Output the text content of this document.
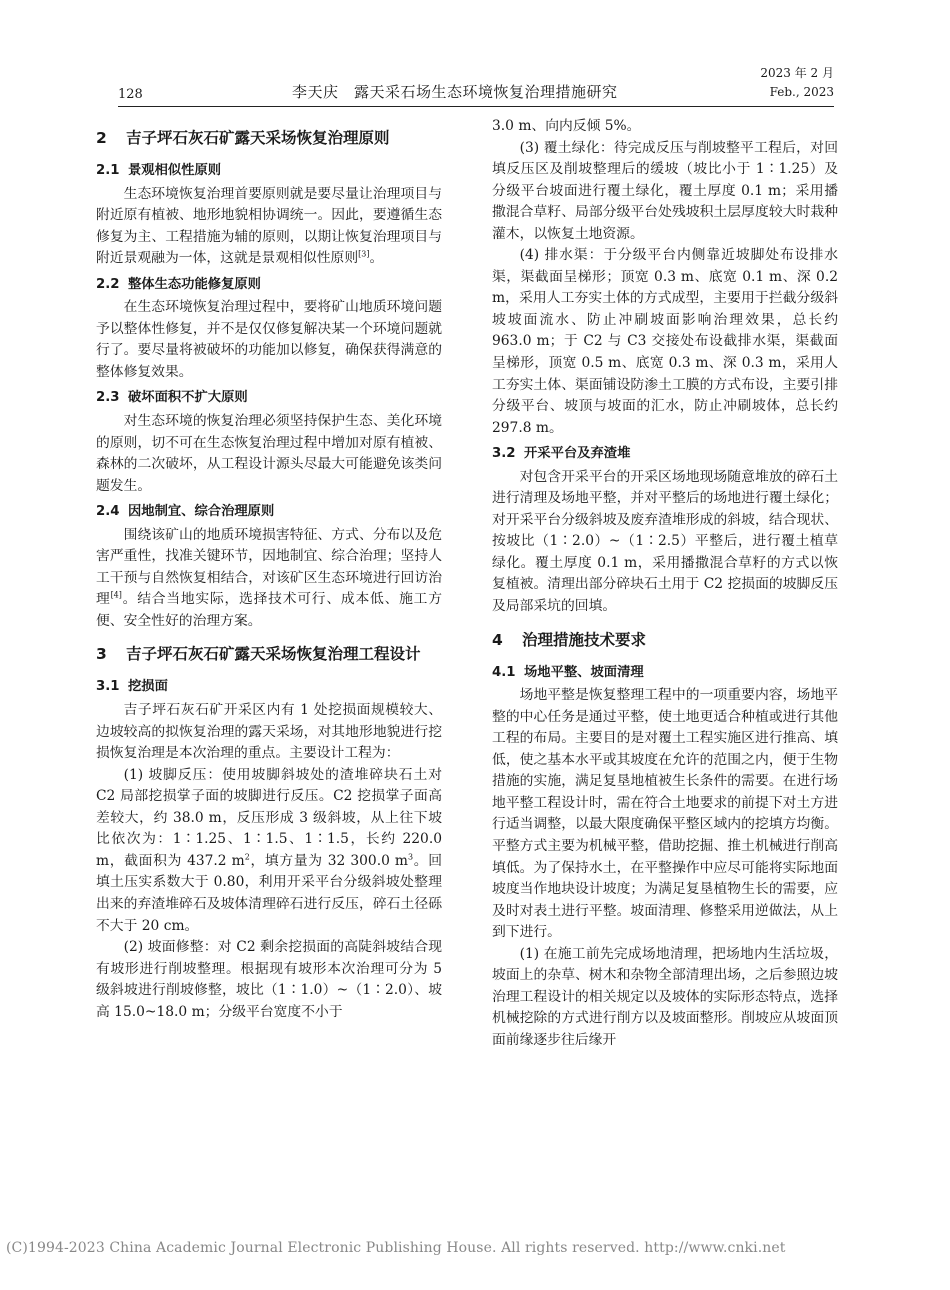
128	李天庆　露天采石场生态环境恢复治理措施研究
2023 年 2 月
Feb., 2023
2 吉子坪石灰石矿露天采场恢复治理原则
2.1 景观相似性原则

生态环境恢复治理首要原则就是要尽量让治理项目与附近原有植被、地形地貌相协调统一。因此，要遵循生态修复为主、工程措施为辅的原则，以期让恢复治理项目与附近景观融为一体，这就是景观相似性原则[3]。

2.2 整体生态功能修复原则

在生态环境恢复治理过程中，要将矿山地质环境问题予以整体性修复，并不是仅仅修复解决某一个环境问题就行了。要尽量将被破坏的功能加以修复，确保获得满意的整体修复效果。

2.3 破坏面积不扩大原则

对生态环境的恢复治理必须坚持保护生态、美化环境的原则，切不可在生态恢复治理过程中增加对原有植被、森林的二次破坏，从工程设计源头尽最大可能避免该类问题发生。

2.4 因地制宜、综合治理原则

围绕该矿山的地质环境损害特征、方式、分布以及危害严重性，找准关键环节，因地制宜、综合治理；坚持人工干预与自然恢复相结合，对该矿区生态环境进行回访治理[4]。结合当地实际，选择技术可行、成本低、施工方便、安全性好的治理方案。

3 吉子坪石灰石矿露天采场恢复治理工程设计
3.1 挖损面

吉子坪石灰石矿开采区内有 1 处挖损面规模较大、边坡较高的拟恢复治理的露天采场，对其地形地貌进行挖损恢复治理是本次治理的重点。主要设计工程为：

(1) 坡脚反压：使用坡脚斜坡处的渣堆碎块石土对 C2 局部挖损掌子面的坡脚进行反压。C2 挖损掌子面高差较大，约 38.0 m，反压形成 3 级斜坡，从上往下坡比依次为：1∶1.25、1∶1.5、1∶1.5，长约 220.0 m，截面积为 437.2 $m^2$，填方量为 32 300.0 $m^3$。回填土压实系数大于 0.80，利用开采平台分级斜坡处整理出来的弃渣堆碎石及坡体清理碎石进行反压，碎石土径砾不大于 20 cm。

(2) 坡面修整：对 C2 剩余挖损面的高陡斜坡结合现有坡形进行削坡整理。根据现有坡形本次治理可分为 5 级斜坡进行削坡修整，坡比（1∶1.0）~（1∶2.0）、坡高 15.0~18.0 m；分级平台宽度不小于

3.0 m、向内反倾 5%。

(3) 覆土绿化：待完成反压与削坡整平工程后，对回填反压区及削坡整理后的缓坡（坡比小于 1∶1.25）及分级平台坡面进行覆土绿化，覆土厚度 0.1 m；采用播撒混合草籽、局部分级平台处残坡积土层厚度较大时栽种灌木，以恢复土地资源。

(4) 排水渠：于分级平台内侧靠近坡脚处布设排水渠，渠截面呈梯形；顶宽 0.3 m、底宽 0.1 m、深 0.2 m，采用人工夯实土体的方式成型，主要用于拦截分级斜坡坡面流水、防止冲刷坡面影响治理效果，总长约 963.0 m；于 C2 与 C3 交接处布设截排水渠，渠截面呈梯形，顶宽 0.5 m、底宽 0.3 m、深 0.3 m，采用人工夯实土体、渠面铺设防渗土工膜的方式布设，主要引排分级平台、坡顶与坡面的汇水，防止冲刷坡体，总长约 297.8 m。

3.2 开采平台及弃渣堆

对包含开采平台的开采区场地现场随意堆放的碎石土进行清理及场地平整，并对平整后的场地进行覆土绿化；对开采平台分级斜坡及废弃渣堆形成的斜坡，结合现状、按坡比（1∶2.0）~（1∶2.5）平整后，进行覆土植草绿化。覆土厚度 0.1 m，采用播撒混合草籽的方式以恢复植被。清理出部分碎块石土用于 C2 挖损面的坡脚反压及局部采坑的回填。

4 治理措施技术要求
4.1 场地平整、坡面清理

场地平整是恢复整理工程中的一项重要内容，场地平整的中心任务是通过平整，使土地更适合种植或进行其他工程的布局。主要目的是对覆土工程实施区进行推高、填低，使之基本水平或其坡度在允许的范围之内，便于生物措施的实施，满足复垦地植被生长条件的需要。在进行场地平整工程设计时，需在符合土地要求的前提下对土方进行适当调整，以最大限度确保平整区域内的挖填方均衡。平整方式主要为机械平整，借助挖掘、推土机械进行削高填低。为了保持水土，在平整操作中应尽可能将实际地面坡度当作地块设计坡度；为满足复垦植物生长的需要，应及时对表土进行平整。坡面清理、修整采用逆做法，从上到下进行。

(1) 在施工前先完成场地清理，把场地内生活垃圾，坡面上的杂草、树木和杂物全部清理出场，之后参照边坡治理工程设计的相关规定以及坡体的实际形态特点，选择机械挖除的方式进行削方以及坡面整形。削坡应从坡面顶面前缘逐步往后缘开

(C)1994-2023 China Academic Journal Electronic Publishing House. All rights reserved. http://www.cnki.net
